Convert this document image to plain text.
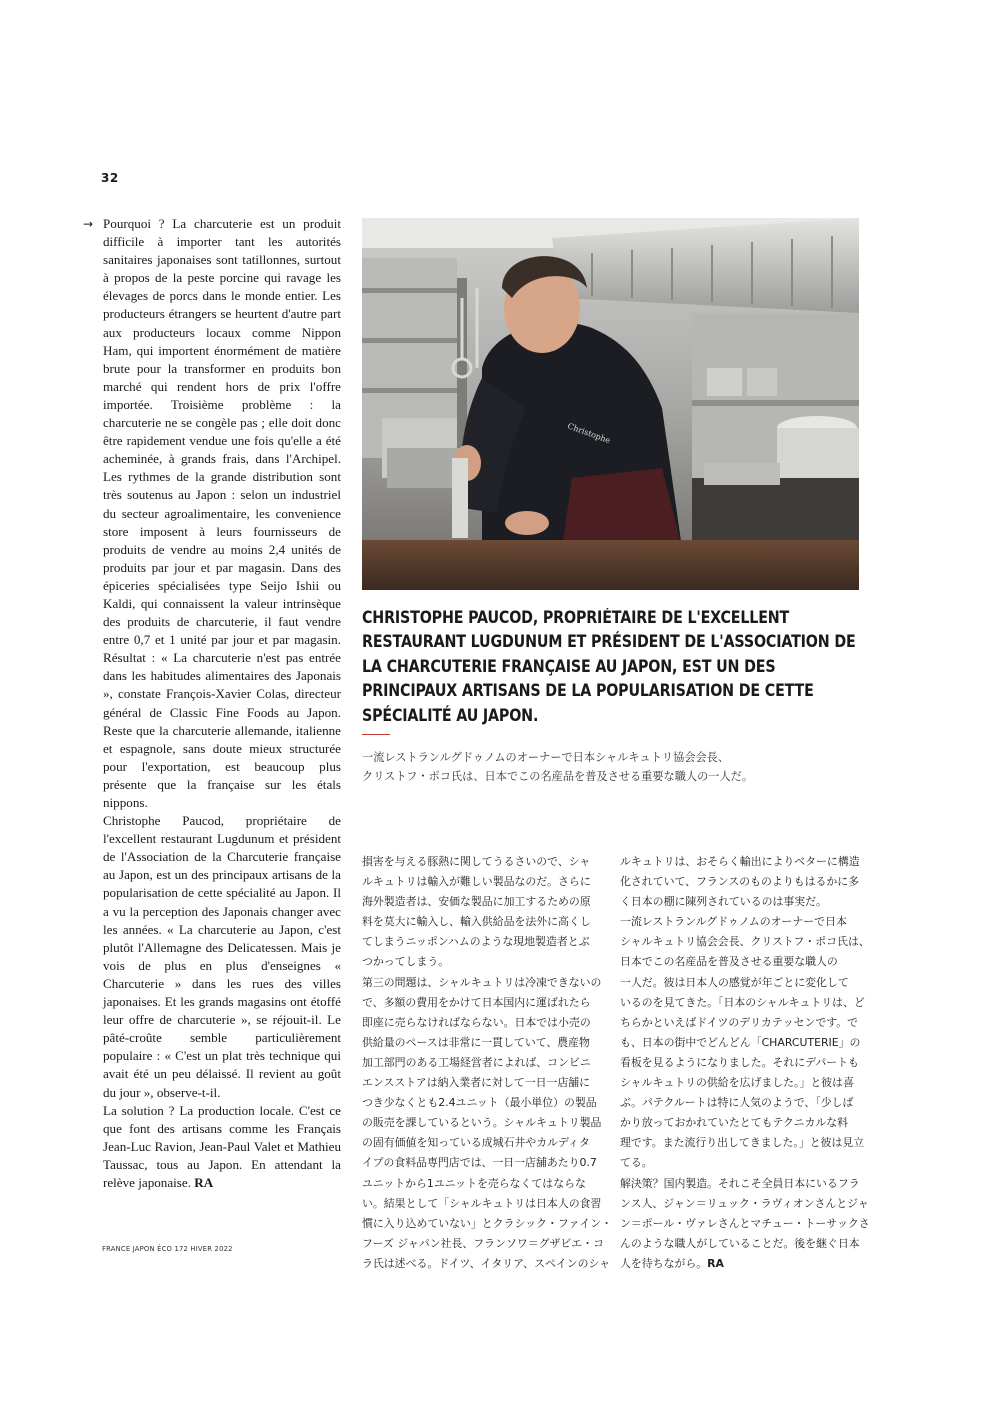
32
→ Pourquoi ? La charcuterie est un produit difficile à importer tant les autorités sanitaires japonaises sont tatillonnes, surtout à propos de la peste porcine qui ravage les élevages de porcs dans le monde entier. Les producteurs étrangers se heurtent d'autre part aux producteurs locaux comme Nippon Ham, qui importent énormément de matière brute pour la transformer en produits bon marché qui rendent hors de prix l'offre importée. Troisième problème : la charcuterie ne se congèle pas ; elle doit donc être rapidement vendue une fois qu'elle a été acheminée, à grands frais, dans l'Archipel. Les rythmes de la grande distribution sont très soutenus au Japon : selon un industriel du secteur agroalimentaire, les convenience store imposent à leurs fournisseurs de produits de vendre au moins 2,4 unités de produits par jour et par magasin. Dans des épiceries spécialisées type Seijo Ishii ou Kaldi, qui connaissent la valeur intrinsèque des produits de charcuterie, il faut vendre entre 0,7 et 1 unité par jour et par magasin. Résultat : « La charcuterie n'est pas entrée dans les habitudes alimentaires des Japonais », constate François-Xavier Colas, directeur général de Classic Fine Foods au Japon. Reste que la charcuterie allemande, italienne et espagnole, sans doute mieux structurée pour l'exportation, est beaucoup plus présente que la française sur les étals nippons.

Christophe Paucod, propriétaire de l'excellent restaurant Lugdunum et président de l'Association de la Charcuterie française au Japon, est un des principaux artisans de la popularisation de cette spécialité au Japon. Il a vu la perception des Japonais changer avec les années. « La charcuterie au Japon, c'est plutôt l'Allemagne des Delicatessen. Mais je vois de plus en plus d'enseignes « Charcuterie » dans les rues des villes japonaises. Et les grands magasins ont étoffé leur offre de charcuterie », se réjouit-il. Le pâté-croûte semble particulièrement populaire : « C'est un plat très technique qui avait été un peu délaissé. Il revient au goût du jour », observe-t-il.

La solution ? La production locale. C'est ce que font des artisans comme les Français Jean-Luc Ravion, Jean-Paul Valet et Mathieu Taussac, tous au Japon. En attendant la relève japonaise. RA

Christophe
CHRISTOPHE PAUCOD, PROPRIÉTAIRE DE L'EXCELLENT RESTAURANT LUGDUNUM ET PRÉSIDENT DE L'ASSOCIATION DE LA CHARCUTERIE FRANÇAISE AU JAPON, EST UN DES PRINCIPAUX ARTISANS DE LA POPULARISATION DE CETTE SPÉCIALITÉ AU JAPON.
一流レストランルグドゥノムのオーナーで日本シャルキュトリ協会会長、
クリストフ・ポコ氏は、日本でこの名産品を普及させる重要な職人の一人だ。
損害を与える豚熱に関してうるさいので、シャ
ルキュトリは輸入が難しい製品なのだ。さらに
海外製造者は、安価な製品に加工するための原
料を莫大に輸入し、輸入供給品を法外に高くし
てしまうニッポンハムのような現地製造者とぶ
つかってしまう。
第三の問題は、シャルキュトリは冷凍できないの
で、多額の費用をかけて日本国内に運ばれたら
即座に売らなければならない。日本では小売の
供給量のペースは非常に一貫していて、農産物
加工部門のある工場経営者によれば、コンビニ
エンスストアは納入業者に対して一日一店舗に
つき少なくとも2.4ユニット（最小単位）の製品
の販売を課しているという。シャルキュトリ製品
の固有価値を知っている成城石井やカルディタ
イプの食料品専門店では、一日一店舗あたり0.7
ユニットから1ユニットを売らなくてはならな
い。結果として「シャルキュトリは日本人の食習
慣に入り込めていない」とクラシック・ファイン・
フーズ ジャパン社長、フランソワ＝グザビエ・コ
ラ氏は述べる。ドイツ、イタリア、スペインのシャ
ルキュトリは、おそらく輸出によりベターに構造
化されていて、フランスのものよりもはるかに多
く日本の棚に陳列されているのは事実だ。
一流レストランルグドゥノムのオーナーで日本
シャルキュトリ協会会長、クリストフ・ポコ氏は、
日本でこの名産品を普及させる重要な職人の
一人だ。彼は日本人の感覚が年ごとに変化して
いるのを見てきた。「日本のシャルキュトリは、ど
ちらかといえばドイツのデリカテッセンです。で
も、日本の街中でどんどん「CHARCUTERIE」の
看板を見るようになりました。それにデパートも
シャルキュトリの供給を広げました。」と彼は喜
ぶ。パテクルートは特に人気のようで、「少しば
かり放っておかれていたとてもテクニカルな料
理です。また流行り出してきました。」と彼は見立
てる。
解決策？国内製造。それこそ全員日本にいるフラ
ンス人、ジャン＝リュック・ラヴィオンさんとジャ
ン＝ポール・ヴァレさんとマチュー・トーサックさ
んのような職人がしていることだ。後を継ぐ日本
人を待ちながら。RA
FRANCE JAPON ÉCO 172 HIVER 2022
